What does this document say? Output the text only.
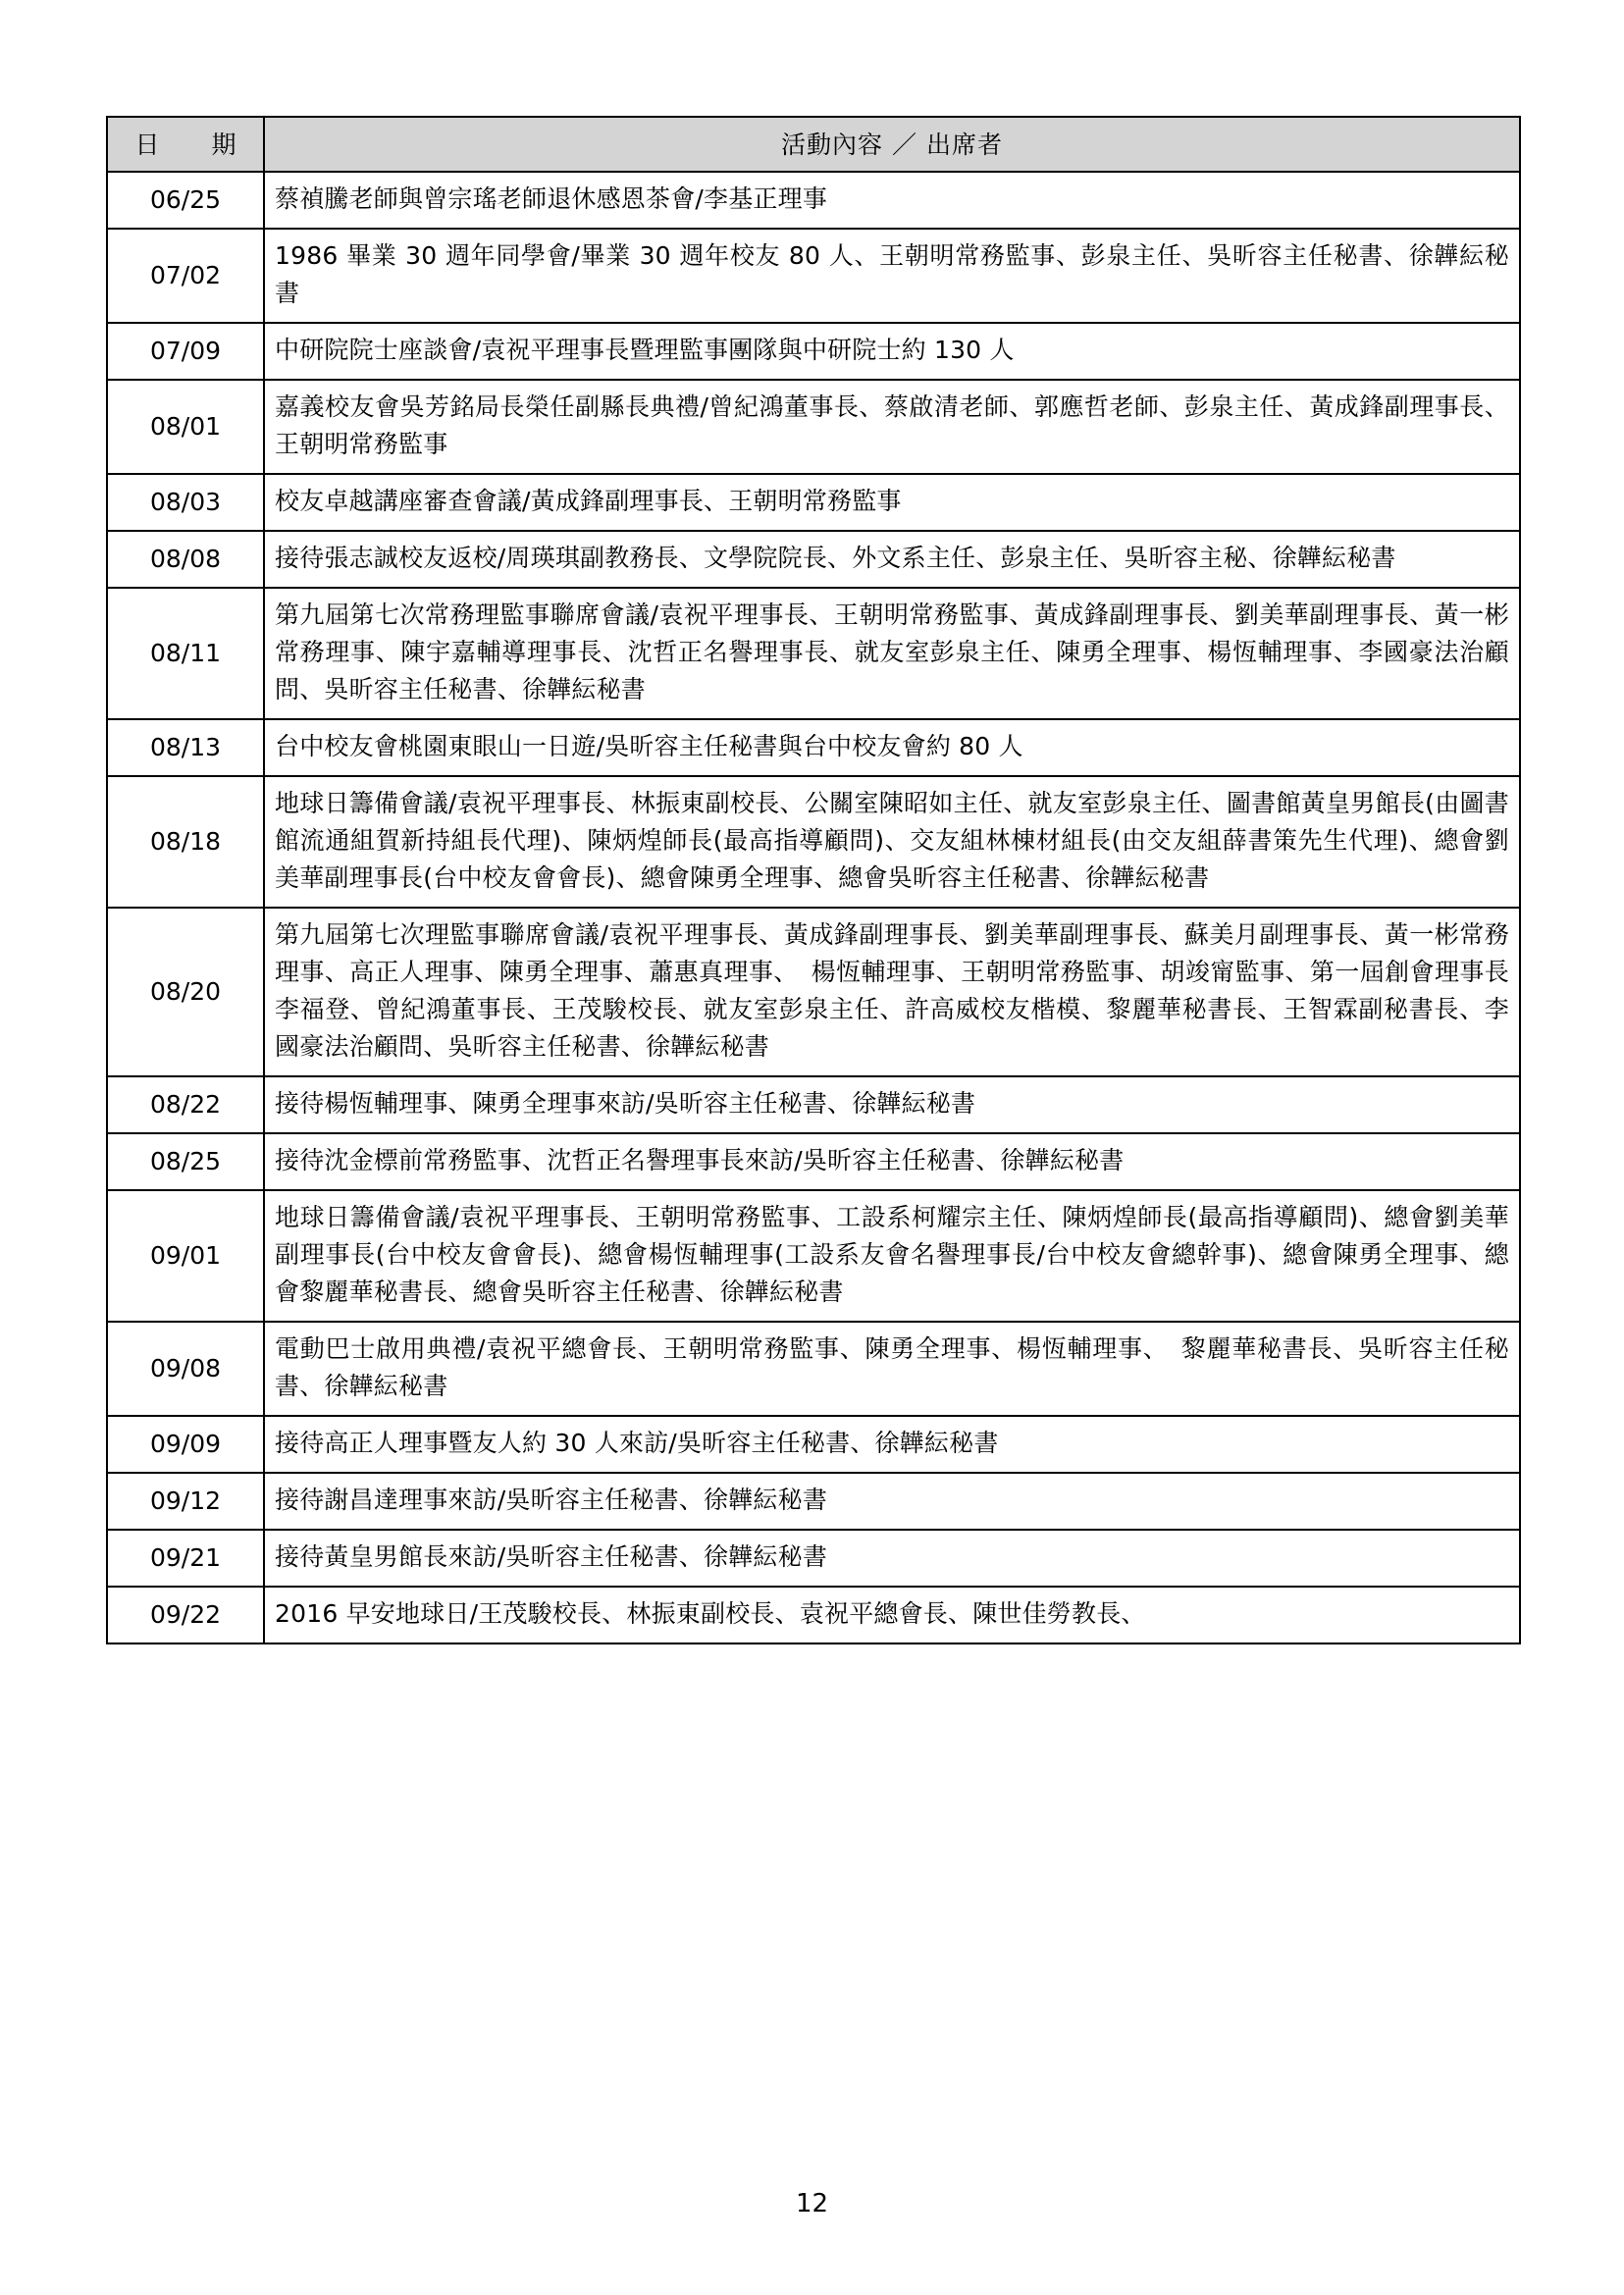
日　期	活動內容 ／ 出席者
06/25	蔡禎騰老師與曾宗瑤老師退休感恩茶會/李基正理事
07/02	1986 畢業 30 週年同學會/畢業 30 週年校友 80 人、王朝明常務監事、彭泉主任、吳昕容主任秘書、徐韡紜秘書
07/09	中研院院士座談會/袁祝平理事長暨理監事團隊與中研院士約 130 人
08/01	嘉義校友會吳芳銘局長榮任副縣長典禮/曾紀鴻董事長、蔡啟清老師、郭應哲老師、彭泉主任、黃成鋒副理事長、王朝明常務監事
08/03	校友卓越講座審查會議/黃成鋒副理事長、王朝明常務監事
08/08	接待張志誠校友返校/周瑛琪副教務長、文學院院長、外文系主任、彭泉主任、吳昕容主秘、徐韡紜秘書
08/11	第九屆第七次常務理監事聯席會議/袁祝平理事長、王朝明常務監事、黃成鋒副理事長、劉美華副理事長、黃一彬常務理事、陳宇嘉輔導理事長、沈哲正名譽理事長、就友室彭泉主任、陳勇全理事、楊恆輔理事、李國豪法治顧問、吳昕容主任秘書、徐韡紜秘書
08/13	台中校友會桃園東眼山一日遊/吳昕容主任秘書與台中校友會約 80 人
08/18	地球日籌備會議/袁祝平理事長、林振東副校長、公關室陳昭如主任、就友室彭泉主任、圖書館黃皇男館長(由圖書館流通組賀新持組長代理)、陳炳煌師長(最高指導顧問)、交友組林棟材組長(由交友組薛書策先生代理)、總會劉美華副理事長(台中校友會會長)、總會陳勇全理事、總會吳昕容主任秘書、徐韡紜秘書
08/20	第九屆第七次理監事聯席會議/袁祝平理事長、黃成鋒副理事長、劉美華副理事長、蘇美月副理事長、黃一彬常務理事、高正人理事、陳勇全理事、蕭惠真理事、　楊恆輔理事、王朝明常務監事、胡竣甯監事、第一屆創會理事長李福登、曾紀鴻董事長、王茂駿校長、就友室彭泉主任、許高威校友楷模、黎麗華秘書長、王智霖副秘書長、李國豪法治顧問、吳昕容主任秘書、徐韡紜秘書
08/22	接待楊恆輔理事、陳勇全理事來訪/吳昕容主任秘書、徐韡紜秘書
08/25	接待沈金標前常務監事、沈哲正名譽理事長來訪/吳昕容主任秘書、徐韡紜秘書
09/01	地球日籌備會議/袁祝平理事長、王朝明常務監事、工設系柯耀宗主任、陳炳煌師長(最高指導顧問)、總會劉美華副理事長(台中校友會會長)、總會楊恆輔理事(工設系友會名譽理事長/台中校友會總幹事)、總會陳勇全理事、總會黎麗華秘書長、總會吳昕容主任秘書、徐韡紜秘書
09/08	電動巴士啟用典禮/袁祝平總會長、王朝明常務監事、陳勇全理事、楊恆輔理事、　黎麗華秘書長、吳昕容主任秘書、徐韡紜秘書
09/09	接待高正人理事暨友人約 30 人來訪/吳昕容主任秘書、徐韡紜秘書
09/12	接待謝昌達理事來訪/吳昕容主任秘書、徐韡紜秘書
09/21	接待黃皇男館長來訪/吳昕容主任秘書、徐韡紜秘書
09/22	2016 早安地球日/王茂駿校長、林振東副校長、袁祝平總會長、陳世佳勞教長、
12
